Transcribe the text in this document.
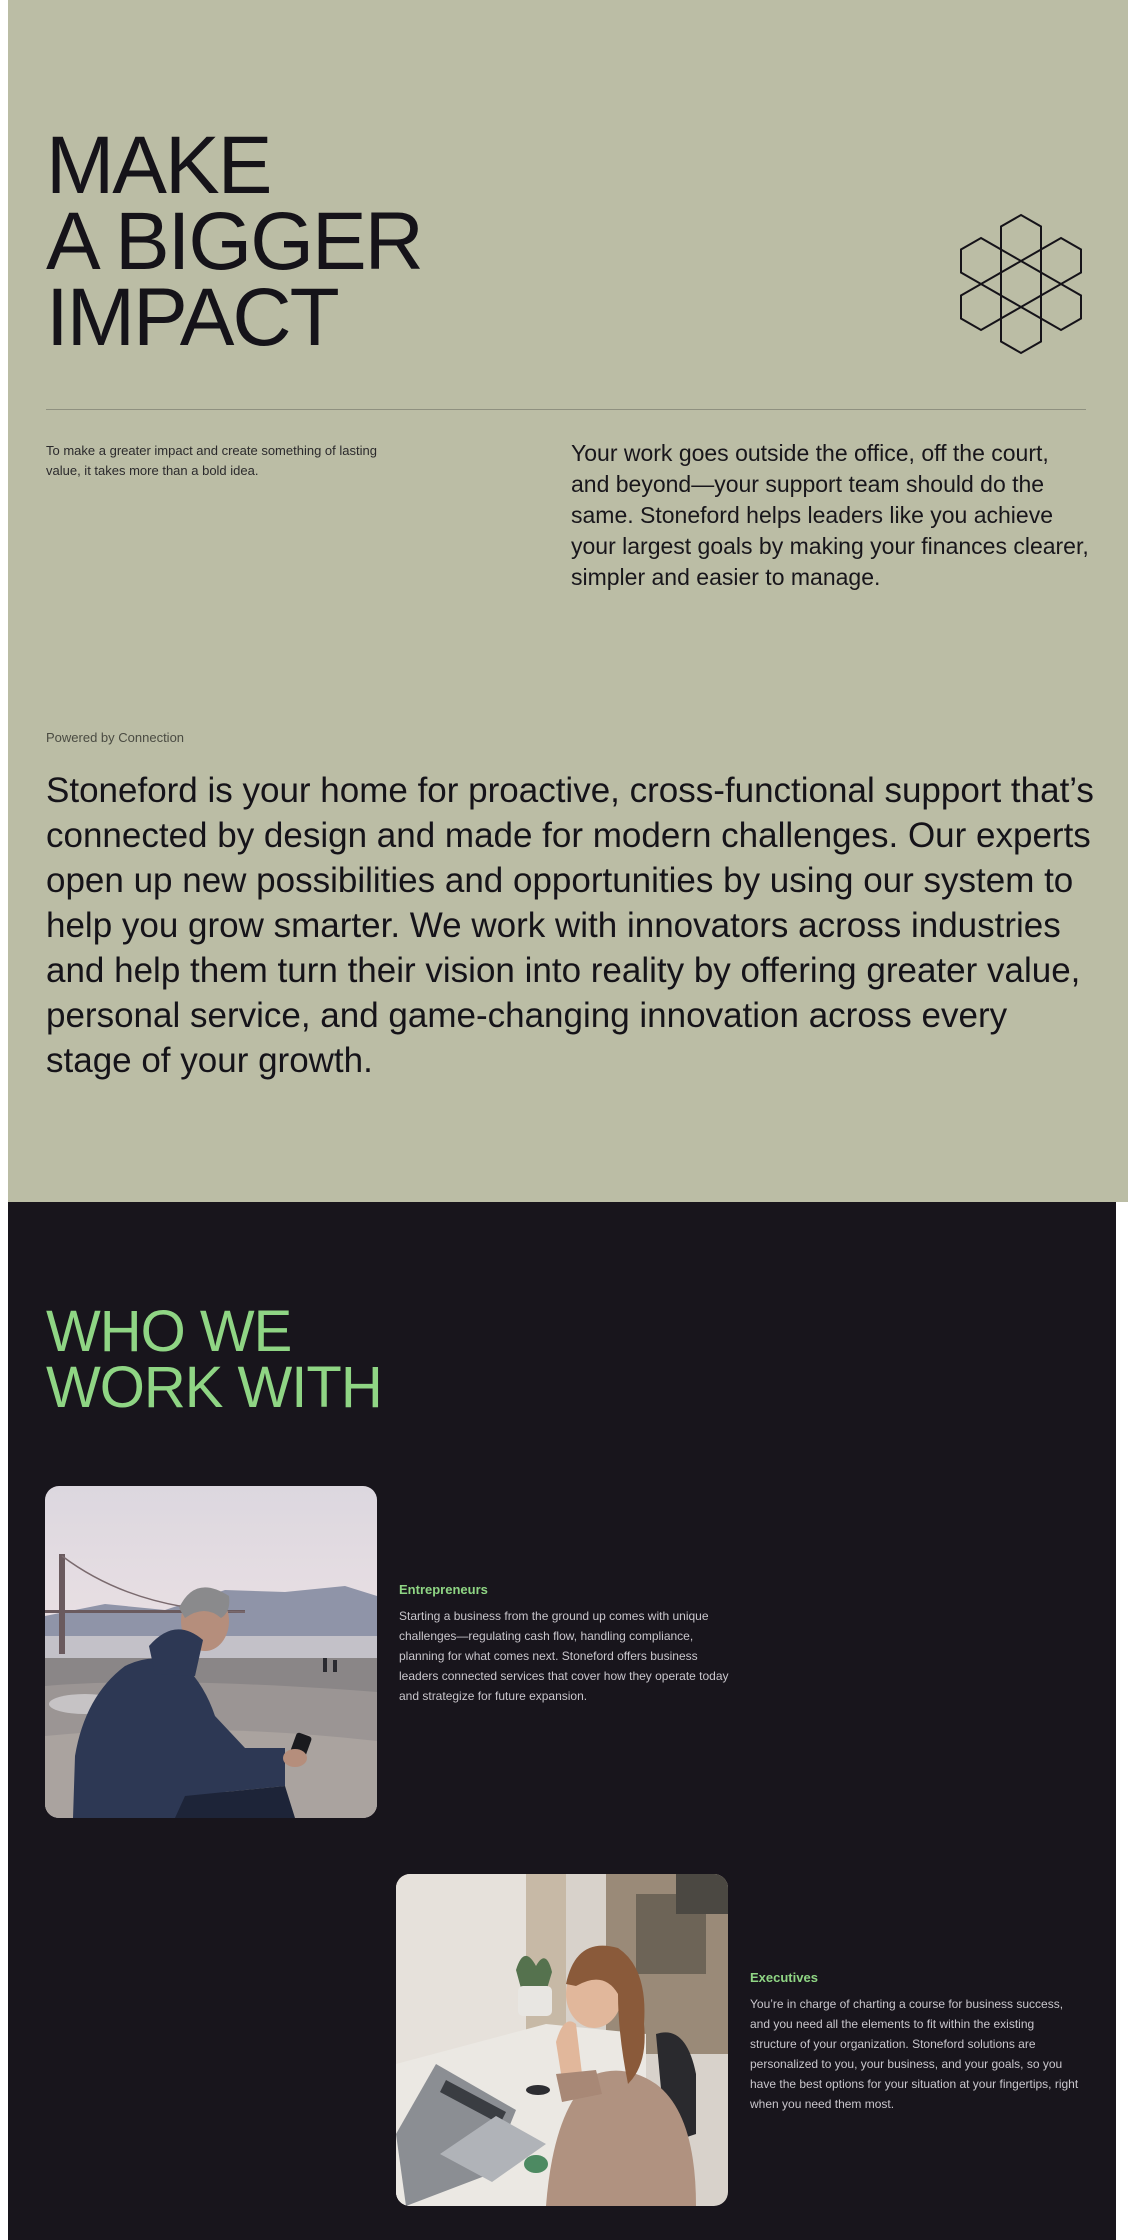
MAKE
A BIGGER
IMPACT

To make a greater impact and create something of lasting value, it takes more than a bold idea.

Your work goes outside the office, off the court, and beyond—your support team should do the same. Stoneford helps leaders like you achieve your largest goals by making your finances clearer, simpler and easier to manage.

Powered by Connection

Stoneford is your home for proactive, cross-functional support that’s connected by design and made for modern challenges. Our experts open up new possibilities and opportunities by using our system to help you grow smarter. We work with innovators across industries and help them turn their vision into reality by offering greater value, personal service, and game-changing innovation across every stage of your growth.

WHO WE
WORK WITH
Entrepreneurs

Starting a business from the ground up comes with unique challenges—regulating cash flow, handling compliance, planning for what comes next. Stoneford offers business leaders connected services that cover how they operate today and strategize for future expansion.

Executives

You’re in charge of charting a course for business success, and you need all the elements to fit within the existing structure of your organization. Stoneford solutions are personalized to you, your business, and your goals, so you have the best options for your situation at your fingertips, right when you need them most.
